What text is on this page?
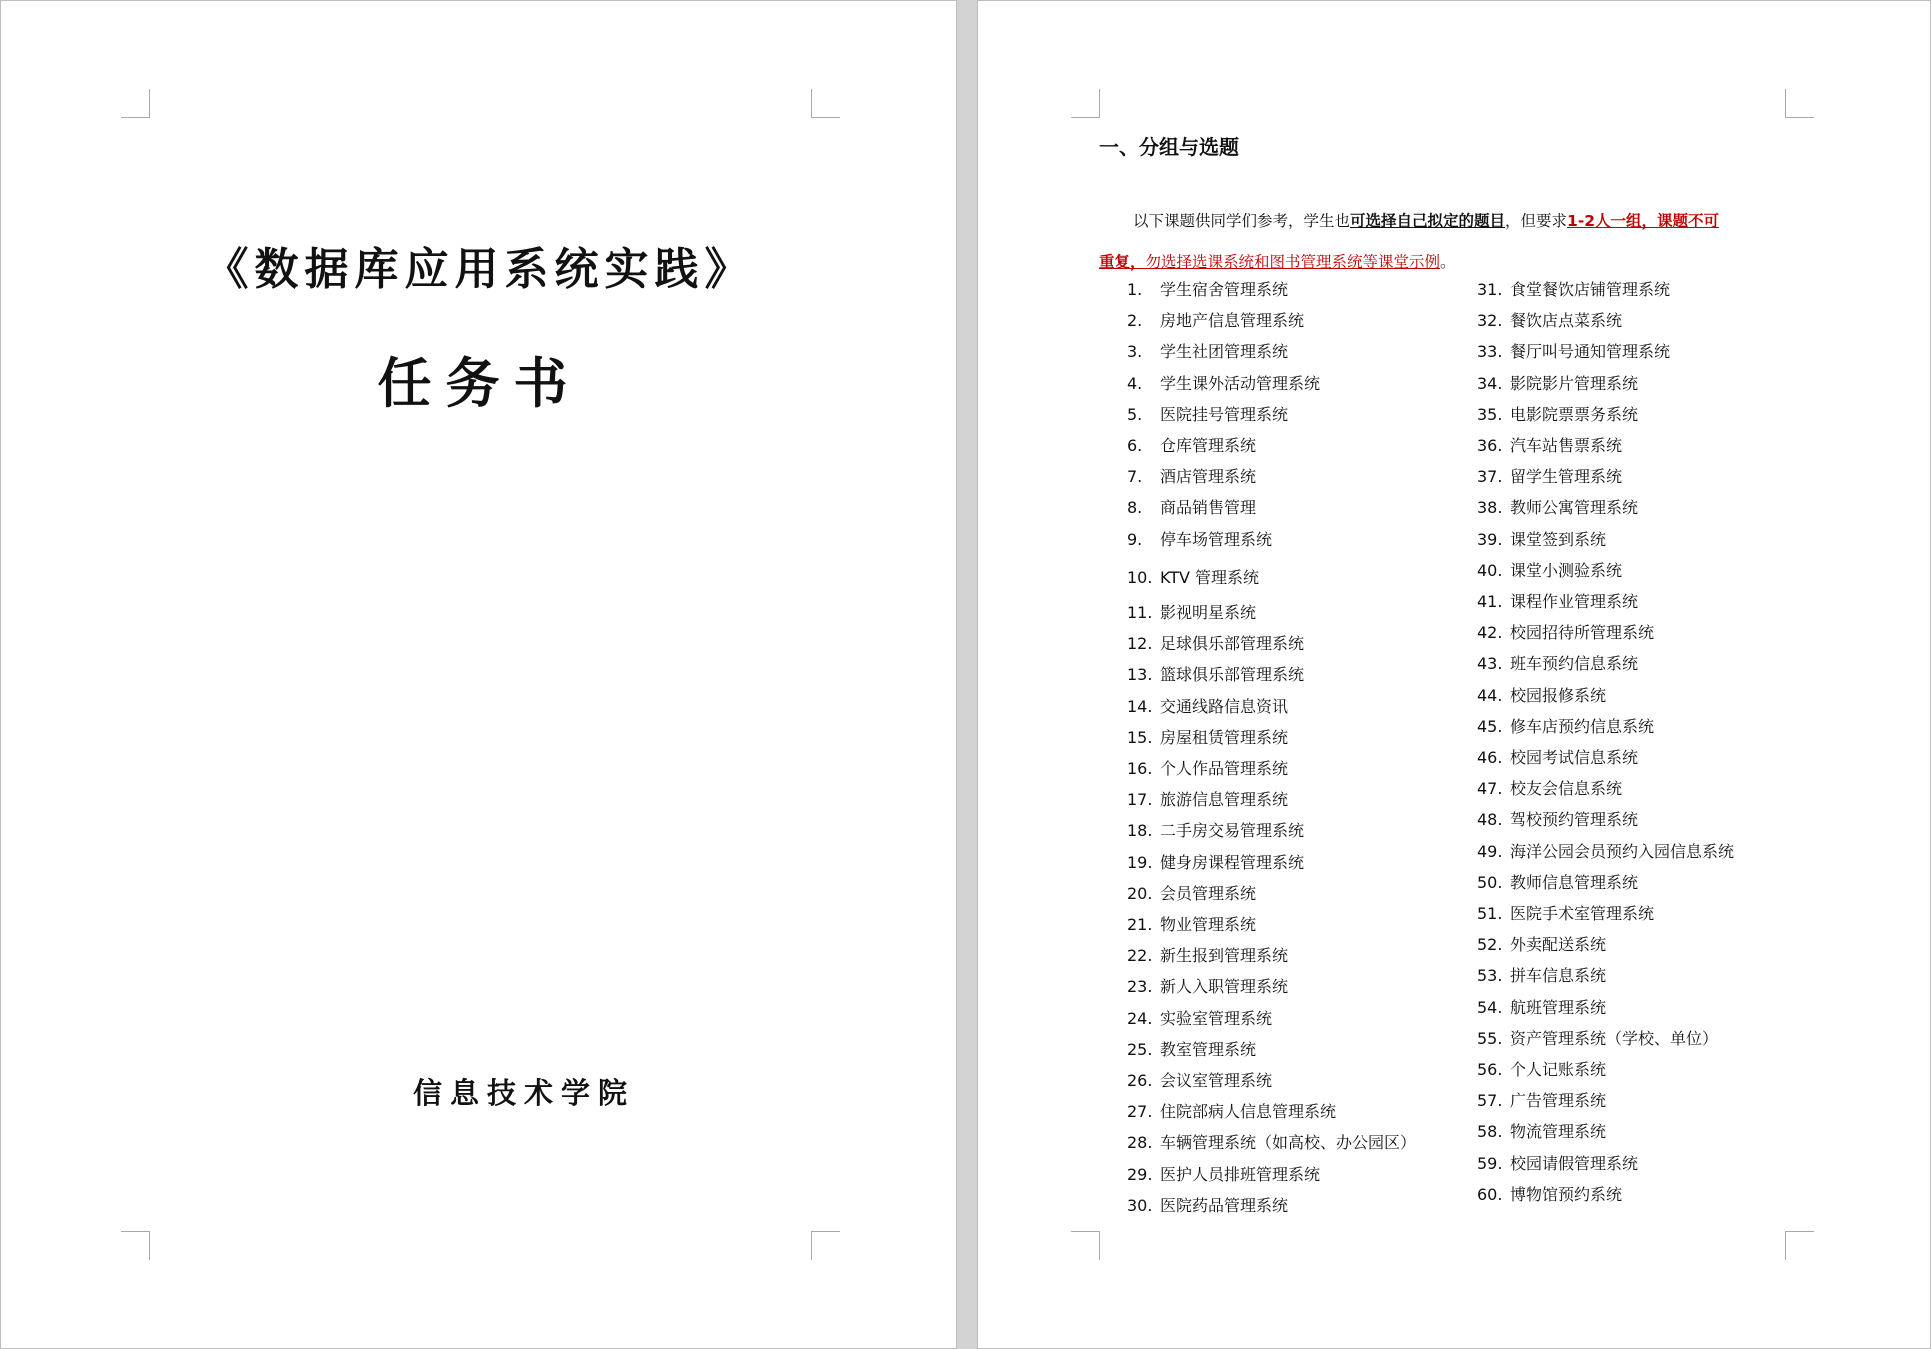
《数据库应用系统实践》
任务书
信息技术学院
一、分组与选题
以下课题供同学们参考，学生也可选择自己拟定的题目，但要求1-2人一组，课题不可
重复，勿选择选课系统和图书管理系统等课堂示例。
1. 学生宿舍管理系统
2. 房地产信息管理系统
3. 学生社团管理系统
4. 学生课外活动管理系统
5. 医院挂号管理系统
6. 仓库管理系统
7. 酒店管理系统
8. 商品销售管理
9. 停车场管理系统
10. KTV 管理系统
11. 影视明星系统
12. 足球俱乐部管理系统
13. 篮球俱乐部管理系统
14. 交通线路信息资讯
15. 房屋租赁管理系统
16. 个人作品管理系统
17. 旅游信息管理系统
18. 二手房交易管理系统
19. 健身房课程管理系统
20. 会员管理系统
21. 物业管理系统
22. 新生报到管理系统
23. 新人入职管理系统
24. 实验室管理系统
25. 教室管理系统
26. 会议室管理系统
27. 住院部病人信息管理系统
28. 车辆管理系统（如高校、办公园区）
29. 医护人员排班管理系统
30. 医院药品管理系统
31. 食堂餐饮店铺管理系统
32. 餐饮店点菜系统
33. 餐厅叫号通知管理系统
34. 影院影片管理系统
35. 电影院票票务系统
36. 汽车站售票系统
37. 留学生管理系统
38. 教师公寓管理系统
39. 课堂签到系统
40. 课堂小测验系统
41. 课程作业管理系统
42. 校园招待所管理系统
43. 班车预约信息系统
44. 校园报修系统
45. 修车店预约信息系统
46. 校园考试信息系统
47. 校友会信息系统
48. 驾校预约管理系统
49. 海洋公园会员预约入园信息系统
50. 教师信息管理系统
51. 医院手术室管理系统
52. 外卖配送系统
53. 拼车信息系统
54. 航班管理系统
55. 资产管理系统（学校、单位）
56. 个人记账系统
57. 广告管理系统
58. 物流管理系统
59. 校园请假管理系统
60. 博物馆预约系统
